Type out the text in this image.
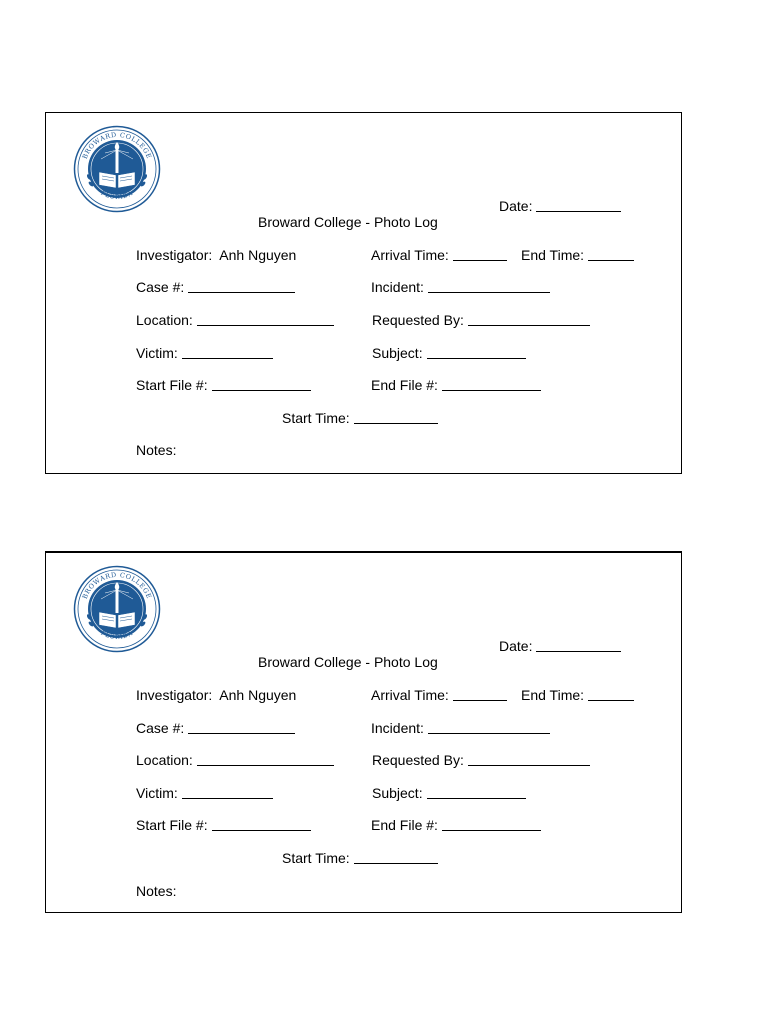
BROWARD COLLEGE
FLORIDA
Date:
Broward College - Photo Log
Investigator: Anh Nguyen	Arrival Time:	End Time:
Case #:	Incident:
Location:	Requested By:
Victim:	Subject:
Start File #:	End File #:
Start Time:
Notes:
BROWARD COLLEGE
FLORIDA
Date:
Broward College - Photo Log
Investigator: Anh Nguyen	Arrival Time:	End Time:
Case #:	Incident:
Location:	Requested By:
Victim:	Subject:
Start File #:	End File #:
Start Time:
Notes:
